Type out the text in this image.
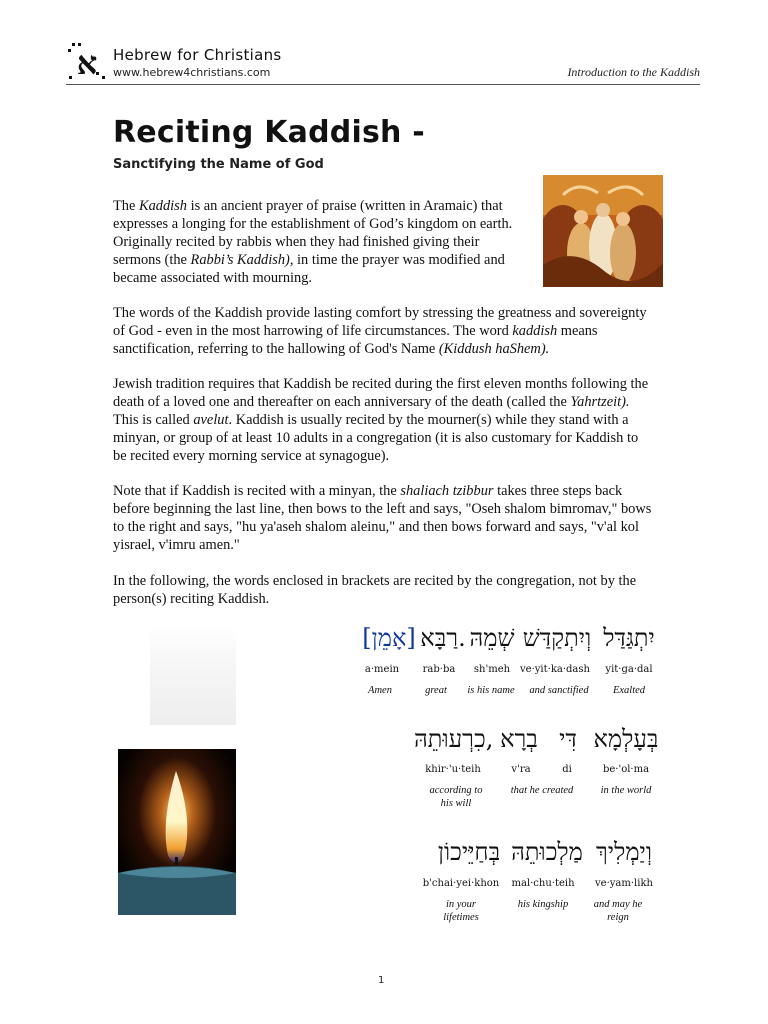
א Hebrew for Christians
www.hebrew4christians.com	Introduction to the Kaddish
Reciting Kaddish -
Sanctifying the Name of God
The Kaddish is an ancient prayer of praise (written in Aramaic) that expresses a longing for the establishment of God’s kingdom on earth. Originally recited by rabbis when they had finished giving their sermons (the Rabbi’s Kaddish), in time the prayer was modified and became associated with mourning.
The words of the Kaddish provide lasting comfort by stressing the greatness and sovereignty of God - even in the most harrowing of life circumstances. The word kaddish means sanctification, referring to the hallowing of God's Name (Kiddush haShem).
Jewish tradition requires that Kaddish be recited during the first eleven months following the death of a loved one and thereafter on each anniversary of the death (called the Yahrtzeit). This is called avelut. Kaddish is usually recited by the mourner(s) while they stand with a minyan, or group of at least 10 adults in a congregation (it is also customary for Kaddish to be recited every morning service at synagogue).
Note that if Kaddish is recited with a minyan, the shaliach tzibbur takes three steps back before beginning the last line, then bows to the left and says, "Oseh shalom bimromav," bows to the right and says, "hu ya'aseh shalom aleinu," and then bows forward and says, "v'al kol yisrael, v'imru amen."
In the following, the words enclosed in brackets are recited by the congregation, not by the person(s) reciting Kaddish.
יִתְגַּדַּל
וְיִתְקַדַּשׁ
שְׁמֵהּ
רַבָּא.
[אָמֵן]
yit·ga·dal
ve·yit·ka·dash
sh'meh
rab·ba
a·mein
Exalted
and sanctified
is his name
great
Amen
בְּעָלְמָא
דִּי
בְרָא
כִרְעוּתֵהּ,
be·'ol·ma
di
v'ra
khir·'u·teih
in the world
that he created
according to his will
וְיַמְלִיךְ
מַלְכוּתֵהּ
בְּחַיֵּיכוֹן
ve·yam·likh
mal·chu·teih
b'chai·yei·khon
and may he reign
his kingship
in your lifetimes
1
